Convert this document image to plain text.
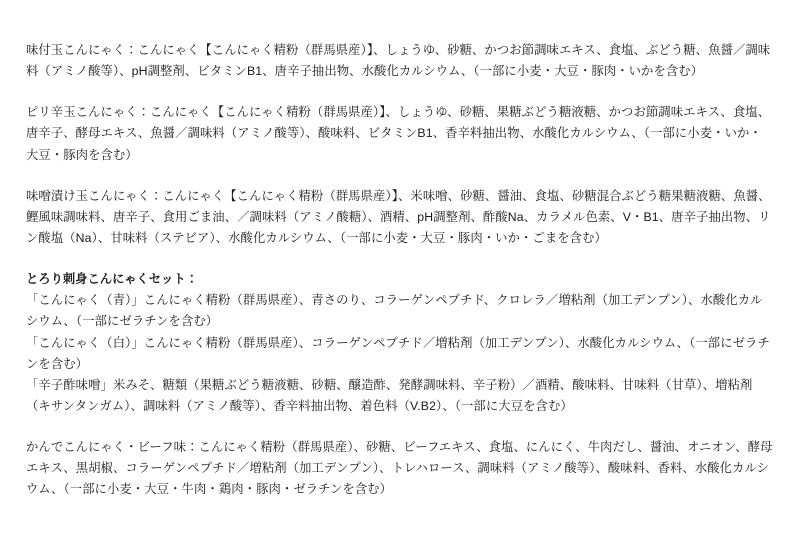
味付玉こんにゃく：こんにゃく【こんにゃく精粉（群馬県産）】、しょうゆ、砂糖、かつお節調味エキス、食塩、ぶどう糖、魚醤／調味料（アミノ酸等）、pH調整剤、ビタミンB1、唐辛子抽出物、水酸化カルシウム、（一部に小麦・大豆・豚肉・いかを含む）

ピリ辛玉こんにゃく：こんにゃく【こんにゃく精粉（群馬県産）】、しょうゆ、砂糖、果糖ぶどう糖液糖、かつお節調味エキス、食塩、唐辛子、酵母エキス、魚醤／調味料（アミノ酸等）、酸味料、ビタミンB1、香辛料抽出物、水酸化カルシウム、（一部に小麦・いか・大豆・豚肉を含む）

味噌漬け玉こんにゃく：こんにゃく【こんにゃく精粉（群馬県産）】、米味噌、砂糖、醤油、食塩、砂糖混合ぶどう糖果糖液糖、魚醤、鰹風味調味料、唐辛子、食用ごま油、／調味料（アミノ酸糖）、酒精、pH調整剤、酢酸Na、カラメル色素、V・B1、唐辛子抽出物、リン酸塩（Na）、甘味料（ステビア）、水酸化カルシウム、（一部に小麦・大豆・豚肉・いか・ごまを含む）

とろり刺身こんにゃくセット：

「こんにゃく（青）」こんにゃく精粉（群馬県産）、青さのり、コラーゲンペプチド、クロレラ／増粘剤（加工デンプン）、水酸化カルシウム、（一部にゼラチンを含む）

「こんにゃく（白）」こんにゃく精粉（群馬県産）、コラーゲンペプチド／増粘剤（加工デンプン）、水酸化カルシウム、（一部にゼラチンを含む）

「辛子酢味噌」米みそ、糖類（果糖ぶどう糖液糖、砂糖、醸造酢、発酵調味料、辛子粉）／酒精、酸味料、甘味料（甘草）、増粘剤（キサンタンガム）、調味料（アミノ酸等）、香辛料抽出物、着色料（V.B2）、（一部に大豆を含む）

かんでこんにゃく・ビーフ味：こんにゃく精粉（群馬県産）、砂糖、ビーフエキス、食塩、にんにく、牛肉だし、醤油、オニオン、酵母エキス、黒胡椒、コラーゲンペプチド／増粘剤（加工デンプン）、トレハロース、調味料（アミノ酸等）、酸味料、香料、水酸化カルシウム、（一部に小麦・大豆・牛肉・鶏肉・豚肉・ゼラチンを含む）
